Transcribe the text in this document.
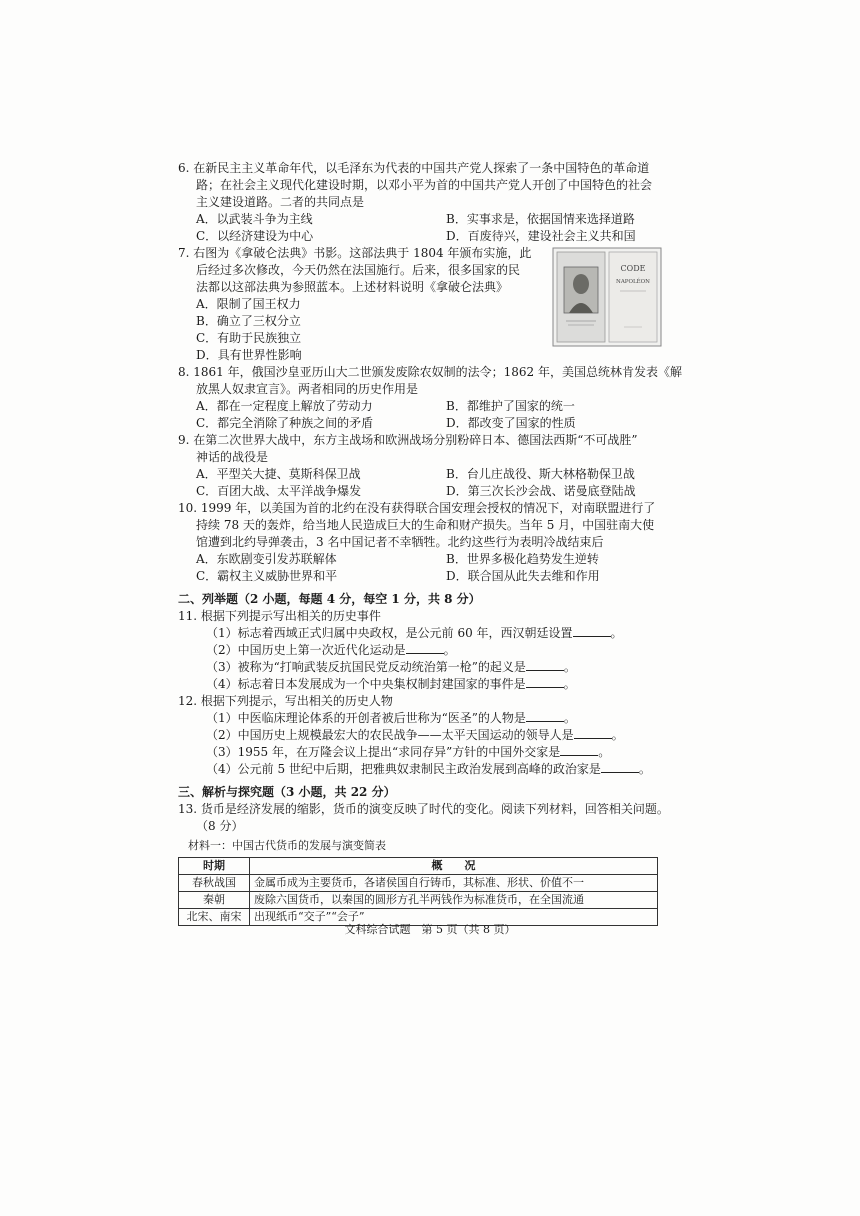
6. 在新民主主义革命年代，以毛泽东为代表的中国共产党人探索了一条中国特色的革命道
路；在社会主义现代化建设时期，以邓小平为首的中国共产党人开创了中国特色的社会
主义建设道路。二者的共同点是
A．以武装斗争为主线	B．实事求是，依据国情来选择道路
C．以经济建设为中心	D．百废待兴，建设社会主义共和国
7. 右图为《拿破仑法典》书影。这部法典于 1804 年颁布实施，此
后经过多次修改，今天仍然在法国施行。后来，很多国家的民
法都以这部法典为参照蓝本。上述材料说明《拿破仑法典》
A．限制了国王权力
B．确立了三权分立
C．有助于民族独立
D．具有世界性影响
CODE
NAPOLÉON
8. 1861 年，俄国沙皇亚历山大二世颁发废除农奴制的法令；1862 年，美国总统林肯发表《解
放黑人奴隶宣言》。两者相同的历史作用是
A．都在一定程度上解放了劳动力	B．都维护了国家的统一
C．都完全消除了种族之间的矛盾	D．都改变了国家的性质
9. 在第二次世界大战中，东方主战场和欧洲战场分别粉碎日本、德国法西斯“不可战胜”
神话的战役是
A．平型关大捷、莫斯科保卫战	B．台儿庄战役、斯大林格勒保卫战
C．百团大战、太平洋战争爆发	D．第三次长沙会战、诺曼底登陆战
10. 1999 年，以美国为首的北约在没有获得联合国安理会授权的情况下，对南联盟进行了
持续 78 天的轰炸，给当地人民造成巨大的生命和财产损失。当年 5 月，中国驻南大使
馆遭到北约导弹袭击，3 名中国记者不幸牺牲。北约这些行为表明冷战结束后
A．东欧剧变引发苏联解体	B．世界多极化趋势发生逆转
C．霸权主义威胁世界和平	D．联合国从此失去维和作用
二、列举题（2 小题，每题 4 分，每空 1 分，共 8 分）
11. 根据下列提示写出相关的历史事件
（1）标志着西域正式归属中央政权，是公元前 60 年，西汉朝廷设置	。
（2）中国历史上第一次近代化运动是	。
（3）被称为“打响武装反抗国民党反动统治第一枪”的起义是	。
（4）标志着日本发展成为一个中央集权制封建国家的事件是	。
12. 根据下列提示，写出相关的历史人物
（1）中医临床理论体系的开创者被后世称为“医圣”的人物是	。
（2）中国历史上规模最宏大的农民战争——太平天国运动的领导人是	。
（3）1955 年，在万隆会议上提出“求同存异”方针的中国外交家是	。
（4）公元前 5 世纪中后期，把雅典奴隶制民主政治发展到高峰的政治家是	。
三、解析与探究题（3 小题，共 22 分）
13. 货币是经济发展的缩影，货币的演变反映了时代的变化。阅读下列材料，回答相关问题。
（8 分）
材料一：中国古代货币的发展与演变简表
时期	概　　况
春秋战国	金属币成为主要货币，各诸侯国自行铸币，其标准、形状、价值不一
秦朝	废除六国货币，以秦国的圆形方孔半两钱作为标准货币，在全国流通
北宋、南宋	出现纸币“交子”“会子”
文科综合试题　第 5 页（共 8 页）
